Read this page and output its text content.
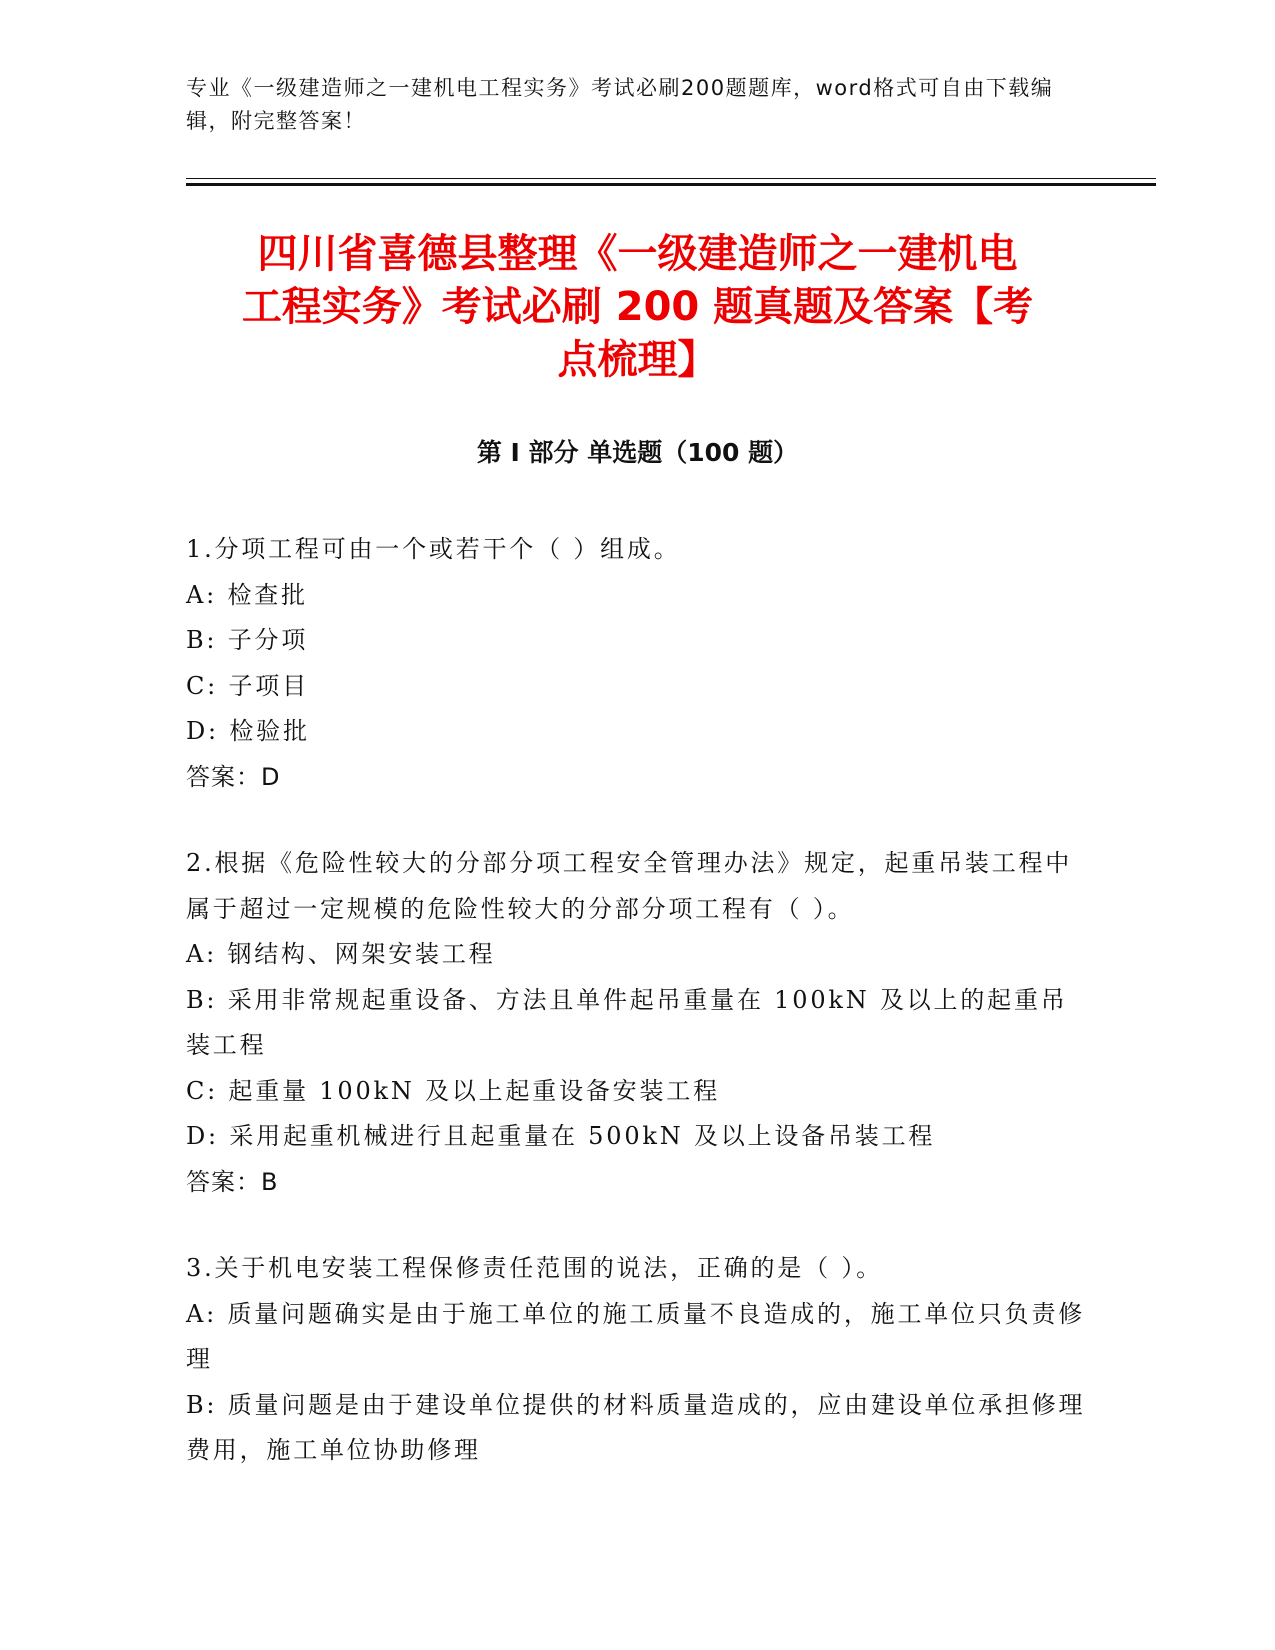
专业《一级建造师之一建机电工程实务》考试必刷200题题库，word格式可自由下载编辑，附完整答案！
四川省喜德县整理《一级建造师之一建机电
工程实务》考试必刷 200 题真题及答案【考
点梳理】
第 I 部分 单选题（100 题）
1.分项工程可由一个或若干个（ ）组成。
A: 检查批
B: 子分项
C: 子项目
D: 检验批
答案：D
2.根据《危险性较大的分部分项工程安全管理办法》规定，起重吊装工程中属于超过一定规模的危险性较大的分部分项工程有（ ）。
A: 钢结构、网架安装工程
B: 采用非常规起重设备、方法且单件起吊重量在 100kN 及以上的起重吊装工程
C: 起重量 100kN 及以上起重设备安装工程
D: 采用起重机械进行且起重量在 500kN 及以上设备吊装工程
答案：B
3.关于机电安装工程保修责任范围的说法，正确的是（ ）。
A: 质量问题确实是由于施工单位的施工质量不良造成的，施工单位只负责修理
B: 质量问题是由于建设单位提供的材料质量造成的，应由建设单位承担修理费用，施工单位协助修理
